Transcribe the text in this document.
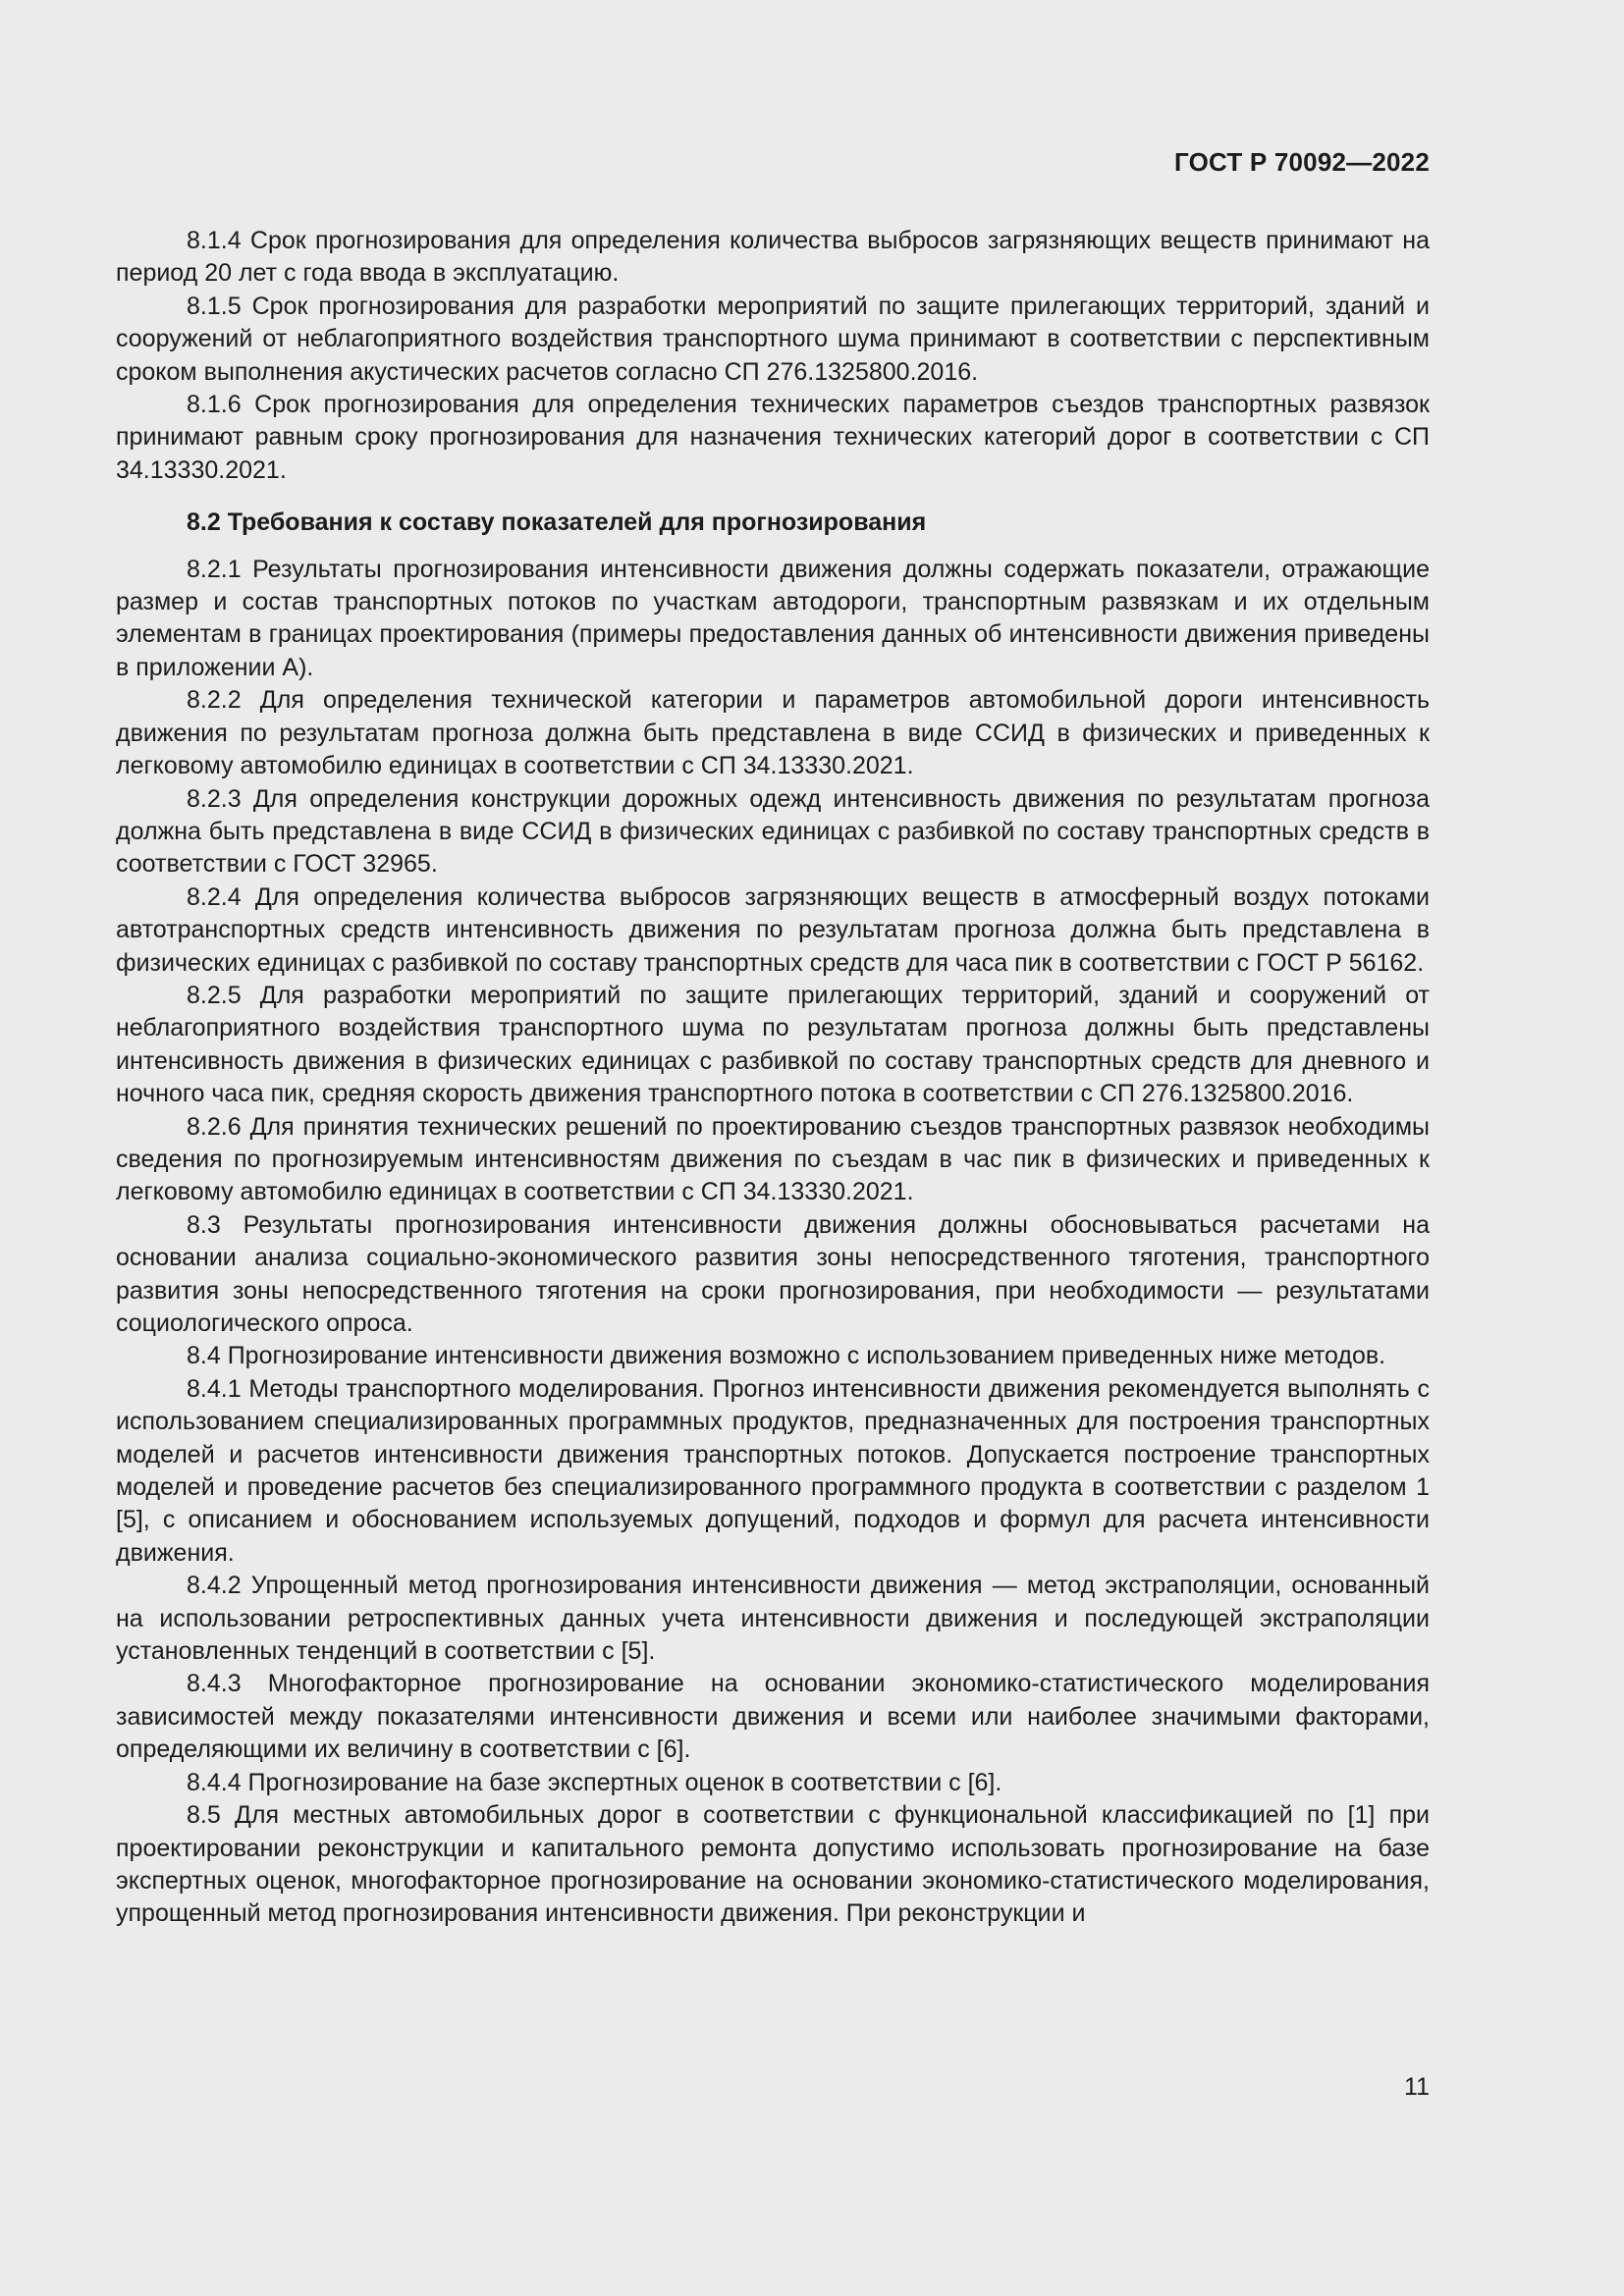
ГОСТ Р 70092—2022

8.1.4 Срок прогнозирования для определения количества выбросов загрязняющих веществ принимают на период 20 лет с года ввода в эксплуатацию.

8.1.5 Срок прогнозирования для разработки мероприятий по защите прилегающих территорий, зданий и сооружений от неблагоприятного воздействия транспортного шума принимают в соответствии с перспективным сроком выполнения акустических расчетов согласно СП 276.1325800.2016.

8.1.6 Срок прогнозирования для определения технических параметров съездов транспортных развязок принимают равным сроку прогнозирования для назначения технических категорий дорог в соответствии с СП 34.13330.2021.

8.2 Требования к составу показателей для прогнозирования

8.2.1 Результаты прогнозирования интенсивности движения должны содержать показатели, отражающие размер и состав транспортных потоков по участкам автодороги, транспортным развязкам и их отдельным элементам в границах проектирования (примеры предоставления данных об интенсивности движения приведены в приложении А).

8.2.2 Для определения технической категории и параметров автомобильной дороги интенсивность движения по результатам прогноза должна быть представлена в виде ССИД в физических и приведенных к легковому автомобилю единицах в соответствии с СП 34.13330.2021.

8.2.3 Для определения конструкции дорожных одежд интенсивность движения по результатам прогноза должна быть представлена в виде ССИД в физических единицах с разбивкой по составу транспортных средств в соответствии с ГОСТ 32965.

8.2.4 Для определения количества выбросов загрязняющих веществ в атмосферный воздух потоками автотранспортных средств интенсивность движения по результатам прогноза должна быть представлена в физических единицах с разбивкой по составу транспортных средств для часа пик в соответствии с ГОСТ Р 56162.

8.2.5 Для разработки мероприятий по защите прилегающих территорий, зданий и сооружений от неблагоприятного воздействия транспортного шума по результатам прогноза должны быть представлены интенсивность движения в физических единицах с разбивкой по составу транспортных средств для дневного и ночного часа пик, средняя скорость движения транспортного потока в соответствии с СП 276.1325800.2016.

8.2.6 Для принятия технических решений по проектированию съездов транспортных развязок необходимы сведения по прогнозируемым интенсивностям движения по съездам в час пик в физических и приведенных к легковому автомобилю единицах в соответствии с СП 34.13330.2021.

8.3 Результаты прогнозирования интенсивности движения должны обосновываться расчетами на основании анализа социально-экономического развития зоны непосредственного тяготения, транспортного развития зоны непосредственного тяготения на сроки прогнозирования, при необходимости — результатами социологического опроса.

8.4 Прогнозирование интенсивности движения возможно с использованием приведенных ниже методов.

8.4.1 Методы транспортного моделирования. Прогноз интенсивности движения рекомендуется выполнять с использованием специализированных программных продуктов, предназначенных для построения транспортных моделей и расчетов интенсивности движения транспортных потоков. Допускается построение транспортных моделей и проведение расчетов без специализированного программного продукта в соответствии с разделом 1 [5], с описанием и обоснованием используемых допущений, подходов и формул для расчета интенсивности движения.

8.4.2 Упрощенный метод прогнозирования интенсивности движения — метод экстраполяции, основанный на использовании ретроспективных данных учета интенсивности движения и последующей экстраполяции установленных тенденций в соответствии с [5].

8.4.3 Многофакторное прогнозирование на основании экономико-статистического моделирования зависимостей между показателями интенсивности движения и всеми или наиболее значимыми факторами, определяющими их величину в соответствии с [6].

8.4.4 Прогнозирование на базе экспертных оценок в соответствии с [6].

8.5 Для местных автомобильных дорог в соответствии с функциональной классификацией по [1] при проектировании реконструкции и капитального ремонта допустимо использовать прогнозирование на базе экспертных оценок, многофакторное прогнозирование на основании экономико-статистического моделирования, упрощенный метод прогнозирования интенсивности движения. При реконструкции и

11
